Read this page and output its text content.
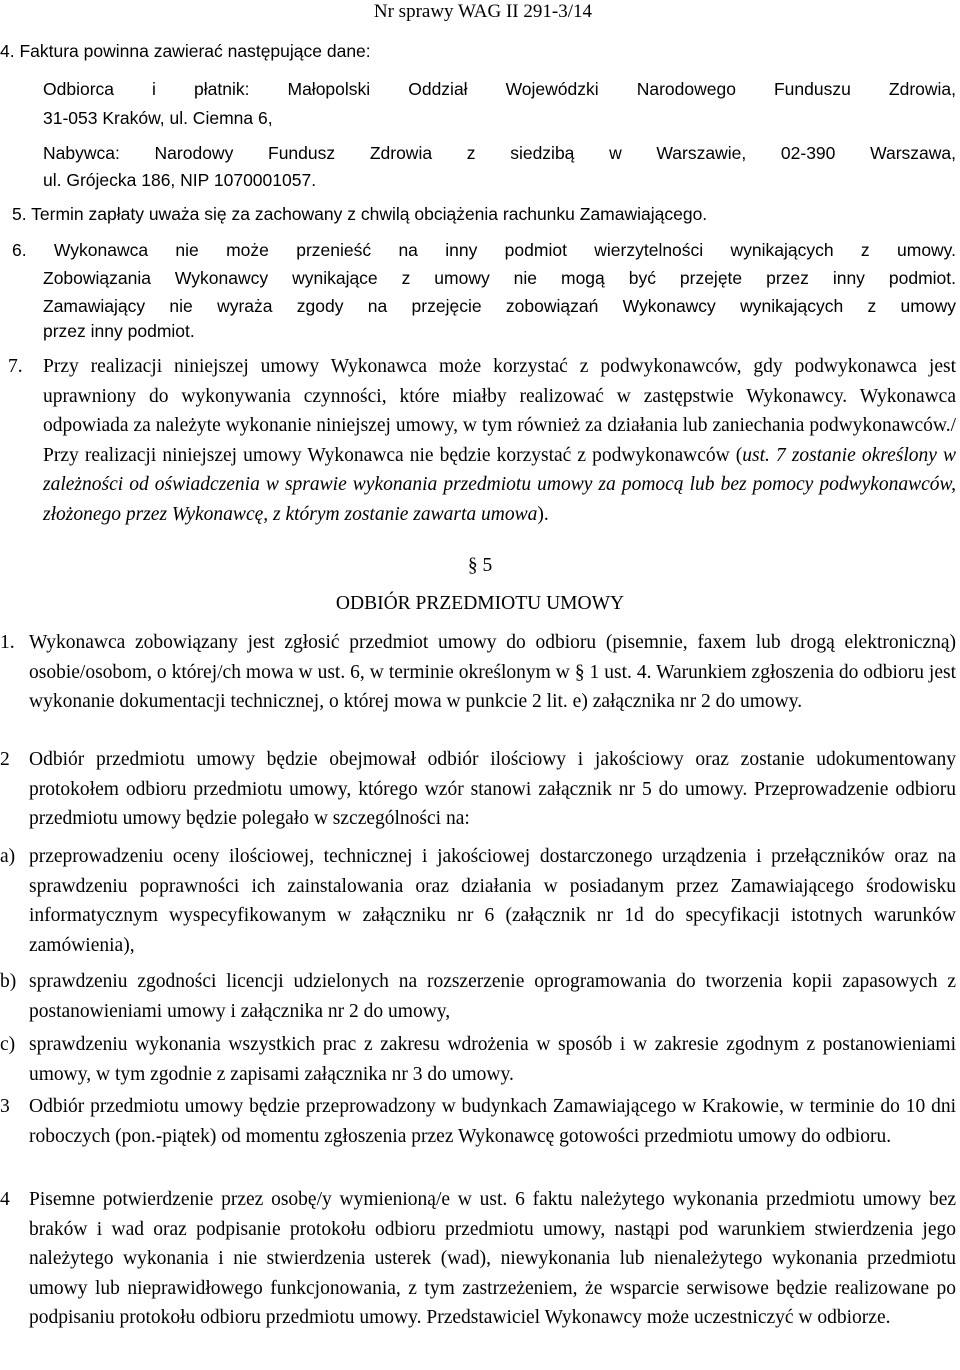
Nr sprawy WAG II 291-3/14
4. Faktura powinna zawierać następujące dane:
Odbiorca i płatnik: Małopolski Oddział Wojewódzki Narodowego Funduszu Zdrowia,
31-053 Kraków, ul. Ciemna 6,
Nabywca: Narodowy Fundusz Zdrowia z siedzibą w Warszawie, 02-390 Warszawa,
ul. Grójecka 186, NIP 1070001057.
5. Termin zapłaty uważa się za zachowany z chwilą obciążenia rachunku Zamawiającego.
6. Wykonawca nie może przenieść na inny podmiot wierzytelności wynikających z umowy.
Zobowiązania Wykonawcy wynikające z umowy nie mogą być przejęte przez inny podmiot.
Zamawiający nie wyraża zgody na przejęcie zobowiązań Wykonawcy wynikających z umowy
przez inny podmiot.
7. Przy realizacji niniejszej umowy Wykonawca może korzystać z podwykonawców, gdy podwykonawca jest uprawniony do wykonywania czynności, które miałby realizować w zastępstwie Wykonawcy. Wykonawca odpowiada za należyte wykonanie niniejszej umowy, w tym również za działania lub zaniechania podwykonawców./ Przy realizacji niniejszej umowy Wykonawca nie będzie korzystać z podwykonawców (ust. 7 zostanie określony w zależności od oświadczenia w sprawie wykonania przedmiotu umowy za pomocą lub bez pomocy podwykonawców, złożonego przez Wykonawcę, z którym zostanie zawarta umowa).
§ 5
ODBIÓR PRZEDMIOTU UMOWY
1. Wykonawca zobowiązany jest zgłosić przedmiot umowy do odbioru (pisemnie, faxem lub drogą elektroniczną) osobie/osobom, o której/ch mowa w ust. 6, w terminie określonym w § 1 ust. 4. Warunkiem zgłoszenia do odbioru jest wykonanie dokumentacji technicznej, o której mowa w punkcie 2 lit. e) załącznika nr 2 do umowy.
2 Odbiór przedmiotu umowy będzie obejmował odbiór ilościowy i jakościowy oraz zostanie udokumentowany protokołem odbioru przedmiotu umowy, którego wzór stanowi załącznik nr 5 do umowy. Przeprowadzenie odbioru przedmiotu umowy będzie polegało w szczególności na:
a) przeprowadzeniu oceny ilościowej, technicznej i jakościowej dostarczonego urządzenia i przełączników oraz na sprawdzeniu poprawności ich zainstalowania oraz działania w posiadanym przez Zamawiającego środowisku informatycznym wyspecyfikowanym w załączniku nr 6 (załącznik nr 1d do specyfikacji istotnych warunków zamówienia),
b) sprawdzeniu zgodności licencji udzielonych na rozszerzenie oprogramowania do tworzenia kopii zapasowych z postanowieniami umowy i załącznika nr 2 do umowy,
c) sprawdzeniu wykonania wszystkich prac z zakresu wdrożenia w sposób i w zakresie zgodnym z postanowieniami umowy, w tym zgodnie z zapisami załącznika nr 3 do umowy.
3 Odbiór przedmiotu umowy będzie przeprowadzony w budynkach Zamawiającego w Krakowie, w terminie do 10 dni roboczych (pon.-piątek) od momentu zgłoszenia przez Wykonawcę gotowości przedmiotu umowy do odbioru.
4 Pisemne potwierdzenie przez osobę/y wymienioną/e w ust. 6 faktu należytego wykonania przedmiotu umowy bez braków i wad oraz podpisanie protokołu odbioru przedmiotu umowy, nastąpi pod warunkiem stwierdzenia jego należytego wykonania i nie stwierdzenia usterek (wad), niewykonania lub nienależytego wykonania przedmiotu umowy lub nieprawidłowego funkcjonowania, z tym zastrzeżeniem, że wsparcie serwisowe będzie realizowane po podpisaniu protokołu odbioru przedmiotu umowy. Przedstawiciel Wykonawcy może uczestniczyć w odbiorze.
